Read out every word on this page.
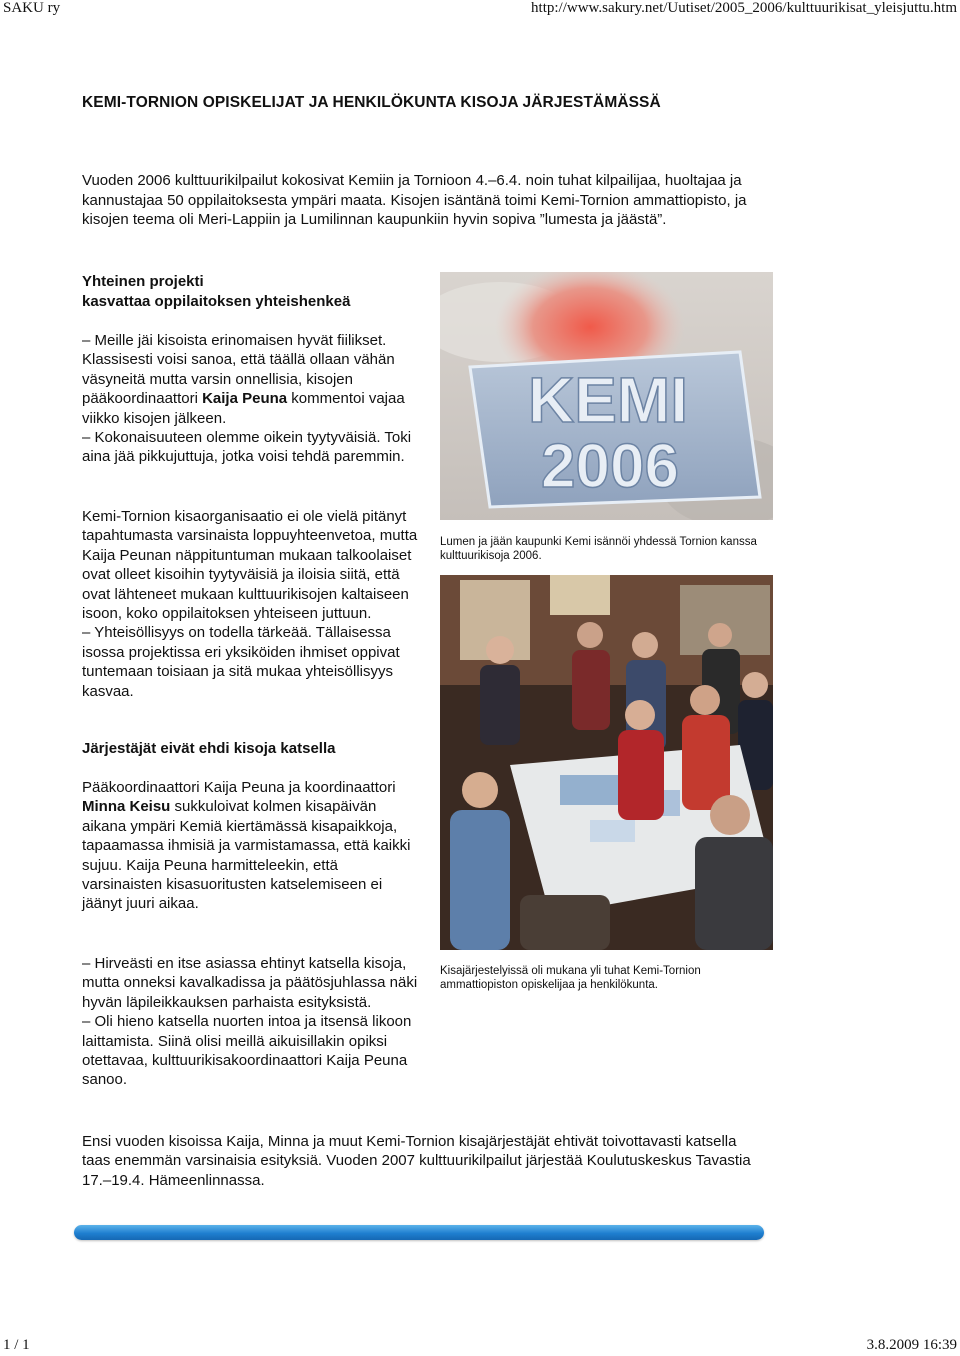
SAKU ry	http://www.sakury.net/Uutiset/2005_2006/kulttuurikisat_yleisjuttu.htm
KEMI-TORNION OPISKELIJAT JA HENKILÖKUNTA KISOJA JÄRJESTÄMÄSSÄ

Vuoden 2006 kulttuurikilpailut kokosivat Kemiin ja Tornioon 4.–6.4. noin tuhat kilpailijaa, huoltajaa ja kannustajaa 50 oppilaitoksesta ympäri maata. Kisojen isäntänä toimi Kemi-Tornion ammattiopisto, ja kisojen teema oli Meri-Lappiin ja Lumilinnan kaupunkiin hyvin sopiva ”lumesta ja jäästä”.

Yhteinen projekti
kasvattaa oppilaitoksen yhteishenkeä

– Meille jäi kisoista erinomaisen hyvät fiilikset. Klassisesti voisi sanoa, että täällä ollaan vähän väsyneitä mutta varsin onnellisia, kisojen pääkoordinaattori Kaija Peuna kommentoi vajaa viikko kisojen jälkeen.
– Kokonaisuuteen olemme oikein tyytyväisiä. Toki aina jää pikkujuttuja, jotka voisi tehdä paremmin.

Kemi-Tornion kisaorganisaatio ei ole vielä pitänyt tapahtumasta varsinaista loppuyhteenvetoa, mutta Kaija Peunan näppituntuman mukaan talkoolaiset ovat olleet kisoihin tyytyväisiä ja iloisia siitä, että ovat lähteneet mukaan kulttuurikisojen kaltaiseen isoon, koko oppilaitoksen yhteiseen juttuun.
– Yhteisöllisyys on todella tärkeää. Tällaisessa isossa projektissa eri yksiköiden ihmiset oppivat tuntemaan toisiaan ja sitä mukaa yhteisöllisyys kasvaa.

Järjestäjät eivät ehdi kisoja katsella

Pääkoordinaattori Kaija Peuna ja koordinaattori Minna Keisu sukkuloivat kolmen kisapäivän aikana ympäri Kemiä kiertämässä kisapaikkoja, tapaamassa ihmisiä ja varmistamassa, että kaikki sujuu. Kaija Peuna harmitteleekin, että varsinaisten kisasuoritusten katselemiseen ei jäänyt juuri aikaa.

– Hirveästi en itse asiassa ehtinyt katsella kisoja, mutta onneksi kavalkadissa ja päätösjuhlassa näki hyvän läpileikkauksen parhaista esityksistä.
– Oli hieno katsella nuorten intoa ja itsensä likoon laittamista. Siinä olisi meillä aikuisillakin opiksi otettavaa, kulttuurikisakoordinaattori Kaija Peuna sanoo.

Ensi vuoden kisoissa Kaija, Minna ja muut Kemi-Tornion kisajärjestäjät ehtivät toivottavasti katsella taas enemmän varsinaisia esityksiä. Vuoden 2007 kulttuurikilpailut järjestää Koulutuskeskus Tavastia 17.–19.4. Hämeenlinnassa.

KEMI
2006

Lumen ja jään kaupunki Kemi isännöi yhdessä Tornion kanssa kulttuurikisoja 2006.

Kisajärjestelyissä oli mukana yli tuhat Kemi-Tornion ammattiopiston opiskelijaa ja henkilökunta.

1 / 1	3.8.2009 16:39
